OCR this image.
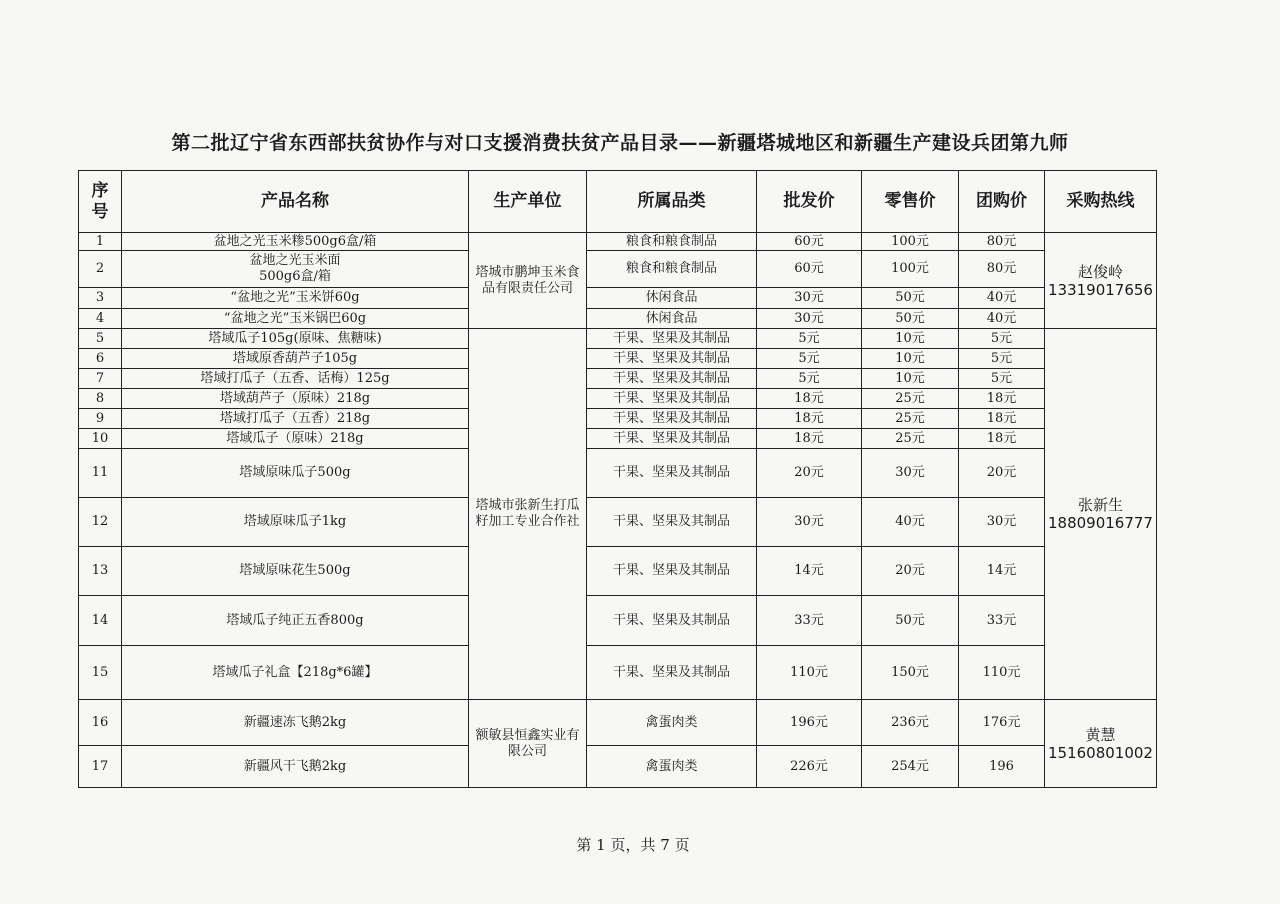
第二批辽宁省东西部扶贫协作与对口支援消费扶贫产品目录——新疆塔城地区和新疆生产建设兵团第九师
序
号	产品名称	生产单位	所属品类	批发价	零售价	团购价	采购热线
1	盆地之光玉米糁500g6盒/箱	塔城市鹏坤玉米食品有限责任公司	粮食和粮食制品	60元	100元	80元	赵俊岭
13319017656
2	盆地之光玉米面
500g6盒/箱		粮食和粮食制品	60元	100元	80元	
3	“盆地之光”玉米饼60g		休闲食品	30元	50元	40元	
4	“盆地之光”玉米锅巴60g		休闲食品	30元	50元	40元	
5	塔域瓜子105g(原味、焦糖味)	塔城市张新生打瓜籽加工专业合作社	干果、坚果及其制品	5元	10元	5元	张新生
18809016777
6	塔域原香葫芦子105g		干果、坚果及其制品	5元	10元	5元	
7	塔域打瓜子（五香、话梅）125g		干果、坚果及其制品	5元	10元	5元	
8	塔域葫芦子（原味）218g		干果、坚果及其制品	18元	25元	18元	
9	塔域打瓜子（五香）218g		干果、坚果及其制品	18元	25元	18元	
10	塔域瓜子（原味）218g		干果、坚果及其制品	18元	25元	18元	
11	塔域原味瓜子500g		干果、坚果及其制品	20元	30元	20元	
12	塔域原味瓜子1kg		干果、坚果及其制品	30元	40元	30元	
13	塔域原味花生500g		干果、坚果及其制品	14元	20元	14元	
14	塔域瓜子纯正五香800g		干果、坚果及其制品	33元	50元	33元	
15	塔域瓜子礼盒【218g*6罐】		干果、坚果及其制品	110元	150元	110元	
16	新疆速冻飞鹅2kg	额敏县恒鑫实业有限公司	禽蛋肉类	196元	236元	176元	黄慧
15160801002
17	新疆风干飞鹅2kg		禽蛋肉类	226元	254元	196	
第 1 页，共 7 页
